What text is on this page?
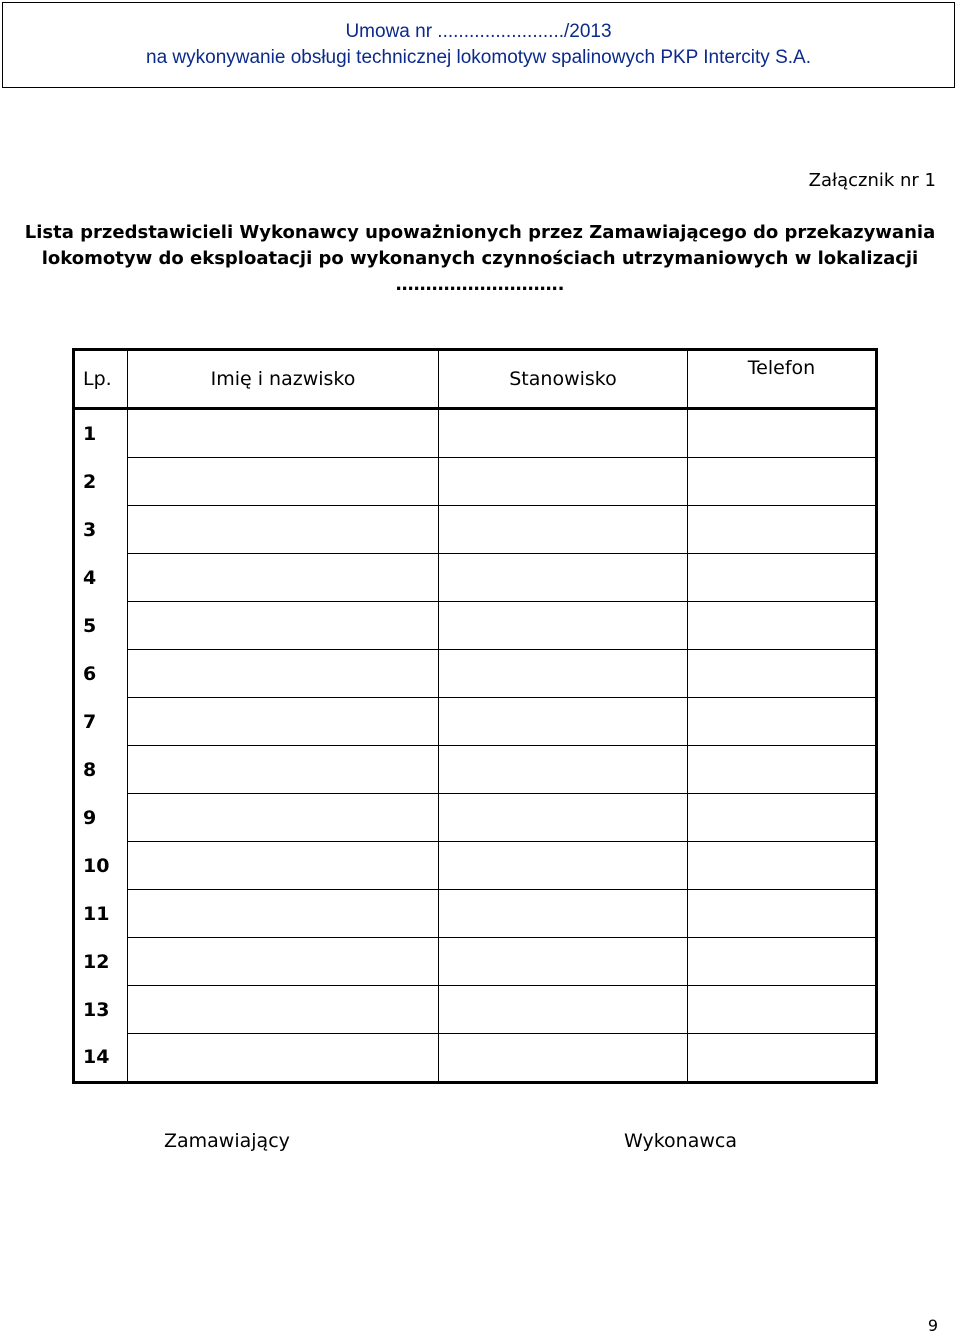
Umowa nr ......................../2013
na wykonywanie obsługi technicznej lokomotyw spalinowych PKP Intercity S.A.
Załącznik nr 1
Lista przedstawicieli Wykonawcy upoważnionych przez Zamawiającego do przekazywania lokomotyw do eksploatacji po wykonanych czynnościach utrzymaniowych w lokalizacji ……………………….
Lp.	Imię i nazwisko	Stanowisko	Telefon
1			
2			
3			
4			
5			
6			
7			
8			
9			
10			
11			
12			
13			
14			
Zamawiający	Wykonawca
9
